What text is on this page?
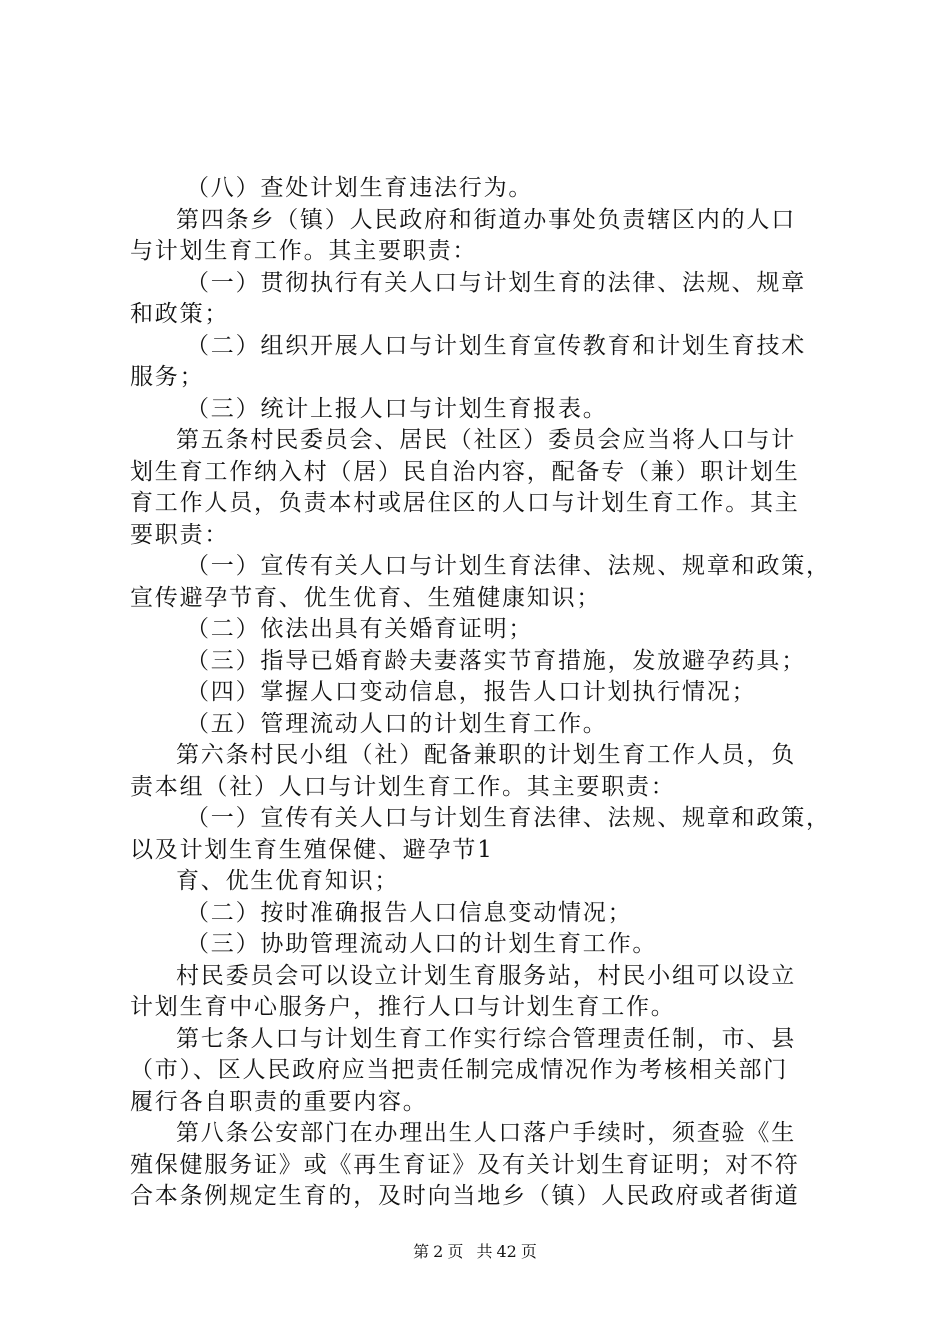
（八）查处计划生育违法行为。
第四条乡（镇）人民政府和街道办事处负责辖区内的人口
与计划生育工作。其主要职责：
（一）贯彻执行有关人口与计划生育的法律、法规、规章
和政策；
（二）组织开展人口与计划生育宣传教育和计划生育技术
服务；
（三）统计上报人口与计划生育报表。
第五条村民委员会、居民（社区）委员会应当将人口与计
划生育工作纳入村（居）民自治内容，配备专（兼）职计划生
育工作人员，负责本村或居住区的人口与计划生育工作。其主
要职责：
（一）宣传有关人口与计划生育法律、法规、规章和政策，
宣传避孕节育、优生优育、生殖健康知识；
（二）依法出具有关婚育证明；
（三）指导已婚育龄夫妻落实节育措施，发放避孕药具；
（四）掌握人口变动信息，报告人口计划执行情况；
（五）管理流动人口的计划生育工作。
第六条村民小组（社）配备兼职的计划生育工作人员，负
责本组（社）人口与计划生育工作。其主要职责：
（一）宣传有关人口与计划生育法律、法规、规章和政策，
以及计划生育生殖保健、避孕节1
育、优生优育知识；
（二）按时准确报告人口信息变动情况；
（三）协助管理流动人口的计划生育工作。
村民委员会可以设立计划生育服务站，村民小组可以设立
计划生育中心服务户，推行人口与计划生育工作。
第七条人口与计划生育工作实行综合管理责任制，市、县
（市）、区人民政府应当把责任制完成情况作为考核相关部门
履行各自职责的重要内容。
第八条公安部门在办理出生人口落户手续时，须查验《生
殖保健服务证》或《再生育证》及有关计划生育证明；对不符
合本条例规定生育的，及时向当地乡（镇）人民政府或者街道
第 2 页 共 42 页
